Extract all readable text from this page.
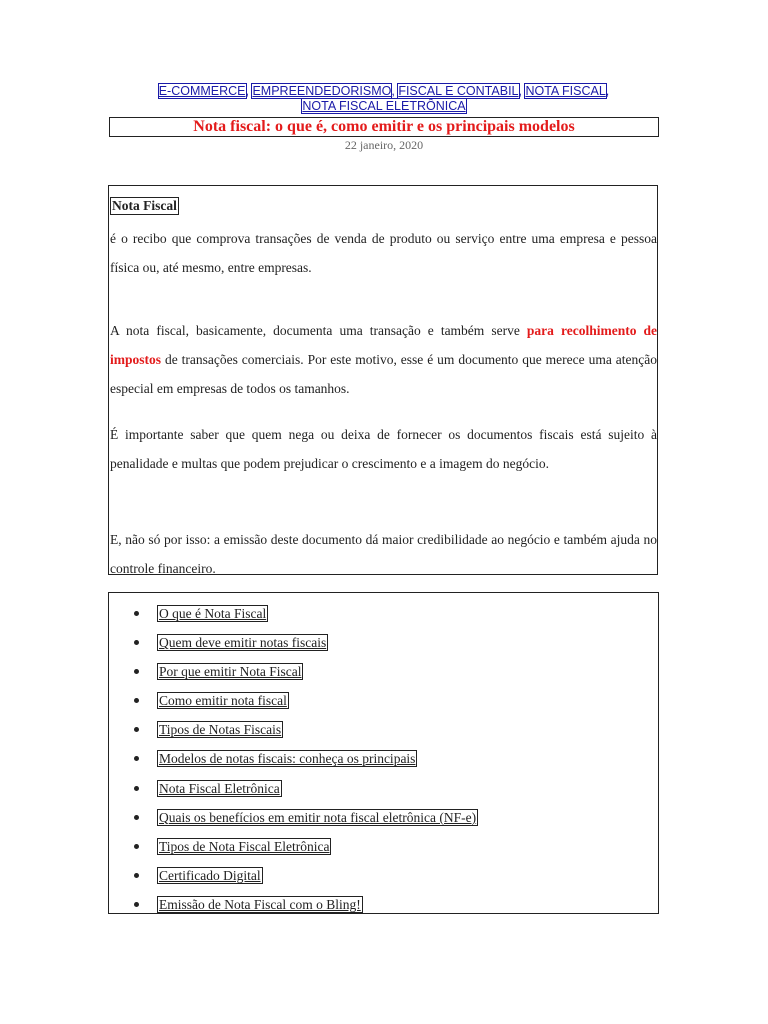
E-COMMERCE, EMPREENDEDORISMO, FISCAL E CONTABIL, NOTA FISCAL, NOTA FISCAL ELETRÔNICA
Nota fiscal: o que é, como emitir e os principais modelos
22 janeiro, 2020
Nota Fiscal

é o recibo que comprova transações de venda de produto ou serviço entre uma empresa e pessoa física ou, até mesmo, entre empresas.

A nota fiscal, basicamente, documenta uma transação e também serve para recolhimento de impostos de transações comerciais. Por este motivo, esse é um documento que merece uma atenção especial em empresas de todos os tamanhos.

É importante saber que quem nega ou deixa de fornecer os documentos fiscais está sujeito à penalidade e multas que podem prejudicar o crescimento e a imagem do negócio.

E, não só por isso: a emissão deste documento dá maior credibilidade ao negócio e também ajuda no controle financeiro.

O que é Nota Fiscal
Quem deve emitir notas fiscais
Por que emitir Nota Fiscal
Como emitir nota fiscal
Tipos de Notas Fiscais
Modelos de notas fiscais: conheça os principais
Nota Fiscal Eletrônica
Quais os benefícios em emitir nota fiscal eletrônica (NF-e)
Tipos de Nota Fiscal Eletrônica
Certificado Digital
Emissão de Nota Fiscal com o Bling!
